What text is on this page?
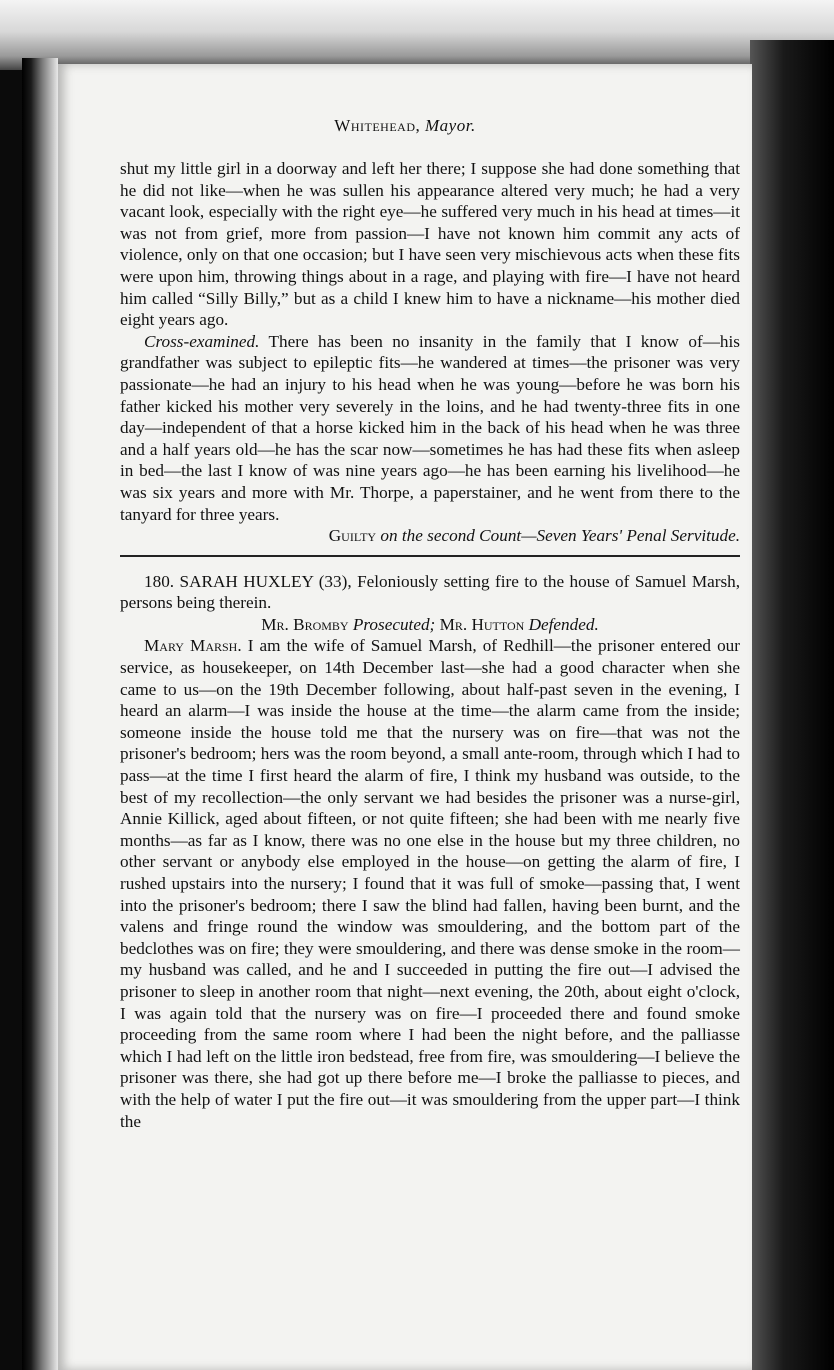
Whitehead, Mayor.

shut my little girl in a doorway and left her there; I suppose she had done something that he did not like—when he was sullen his appearance altered very much; he had a very vacant look, especially with the right eye—he suffered very much in his head at times—it was not from grief, more from passion—I have not known him commit any acts of violence, only on that one occasion; but I have seen very mischievous acts when these fits were upon him, throwing things about in a rage, and playing with fire—I have not heard him called “Silly Billy,” but as a child I knew him to have a nickname—his mother died eight years ago.

Cross-examined. There has been no insanity in the family that I know of—his grandfather was subject to epileptic fits—he wandered at times—the prisoner was very passionate—he had an injury to his head when he was young—before he was born his father kicked his mother very severely in the loins, and he had twenty-three fits in one day—independent of that a horse kicked him in the back of his head when he was three and a half years old—he has the scar now—sometimes he has had these fits when asleep in bed—the last I know of was nine years ago—he has been earning his livelihood—he was six years and more with Mr. Thorpe, a paperstainer, and he went from there to the tanyard for three years.
Guilty on the second Count—Seven Years' Penal Servitude.

180. SARAH HUXLEY (33), Feloniously setting fire to the house of Samuel Marsh, persons being therein.

Mr. Bromby Prosecuted; Mr. Hutton Defended.

Mary Marsh. I am the wife of Samuel Marsh, of Redhill—the prisoner entered our service, as housekeeper, on 14th December last—she had a good character when she came to us—on the 19th December following, about half-past seven in the evening, I heard an alarm—I was inside the house at the time—the alarm came from the inside; someone inside the house told me that the nursery was on fire—that was not the prisoner's bedroom; hers was the room beyond, a small ante-room, through which I had to pass—at the time I first heard the alarm of fire, I think my husband was outside, to the best of my recollection—the only servant we had besides the prisoner was a nurse-girl, Annie Killick, aged about fifteen, or not quite fifteen; she had been with me nearly five months—as far as I know, there was no one else in the house but my three children, no other servant or anybody else employed in the house—on getting the alarm of fire, I rushed upstairs into the nursery; I found that it was full of smoke—passing that, I went into the prisoner's bedroom; there I saw the blind had fallen, having been burnt, and the valens and fringe round the window was smouldering, and the bottom part of the bedclothes was on fire; they were smouldering, and there was dense smoke in the room—my husband was called, and he and I succeeded in putting the fire out—I advised the prisoner to sleep in another room that night—next evening, the 20th, about eight o'clock, I was again told that the nursery was on fire—I proceeded there and found smoke proceeding from the same room where I had been the night before, and the palliasse which I had left on the little iron bedstead, free from fire, was smouldering—I believe the prisoner was there, she had got up there before me—I broke the palliasse to pieces, and with the help of water I put the fire out—it was smouldering from the upper part—I think the
